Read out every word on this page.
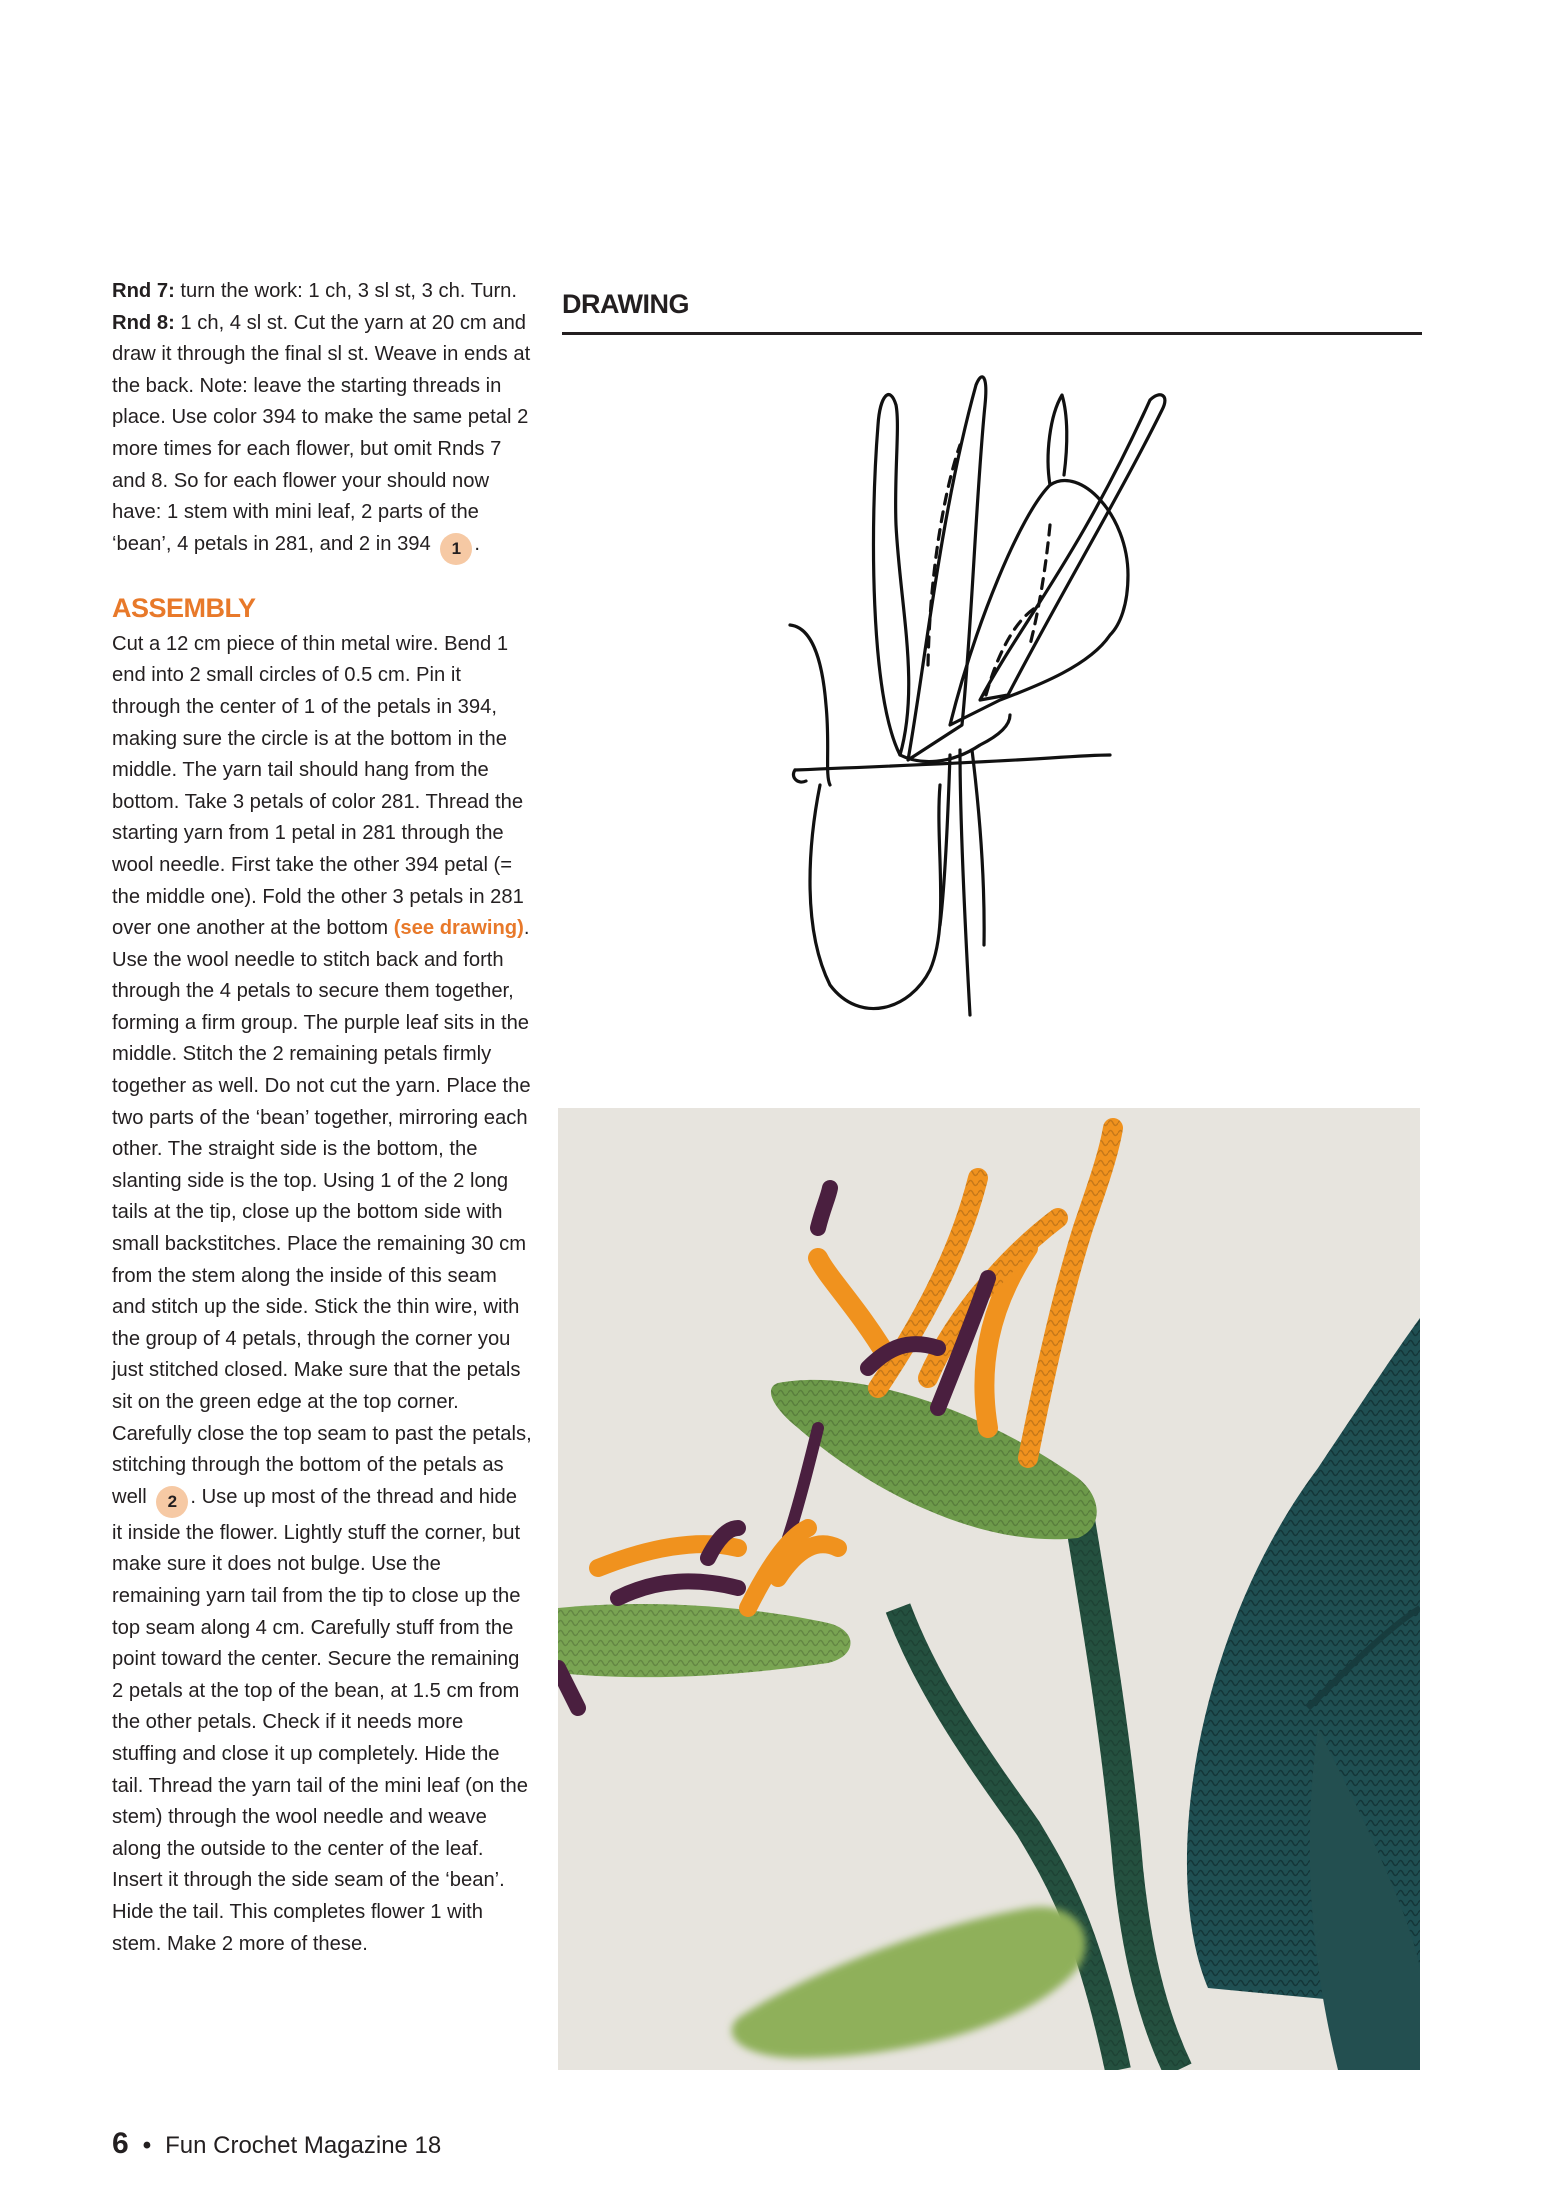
Rnd 7: turn the work: 1 ch, 3 sl st, 3 ch. Turn.
Rnd 8: 1 ch, 4 sl st. Cut the yarn at 20 cm and draw it through the final sl st. Weave in ends at the back. Note: leave the starting threads in place. Use color 394 to make the same petal 2 more times for each flower, but omit Rnds 7 and 8. So for each flower your should now have: 1 stem with mini leaf, 2 parts of the ‘bean’, 4 petals in 281, and 2 in 394 1 .

ASSEMBLY

Cut a 12 cm piece of thin metal wire. Bend 1 end into 2 small circles of 0.5 cm. Pin it through the center of 1 of the petals in 394, making sure the circle is at the bottom in the middle. The yarn tail should hang from the bottom. Take 3 petals of color 281. Thread the starting yarn from 1 petal in 281 through the wool needle. First take the other 394 petal (= the middle one). Fold the other 3 petals in 281 over one another at the bottom (see drawing). Use the wool needle to stitch back and forth through the 4 petals to secure them together, forming a firm group. The purple leaf sits in the middle. Stitch the 2 remaining petals firmly together as well. Do not cut the yarn. Place the two parts of the ‘bean’ together, mirroring each other. The straight side is the bottom, the slanting side is the top. Using 1 of the 2 long tails at the tip, close up the bottom side with small backstitches. Place the remaining 30 cm from the stem along the inside of this seam and stitch up the side. Stick the thin wire, with the group of 4 petals, through the corner you just stitched closed. Make sure that the petals sit on the green edge at the top corner. Carefully close the top seam to past the petals, stitching through the bottom of the petals as well 2 . Use up most of the thread and hide it inside the flower. Lightly stuff the corner, but make sure it does not bulge. Use the remaining yarn tail from the tip to close up the top seam along 4 cm. Carefully stuff from the point toward the center. Secure the remaining 2 petals at the top of the bean, at 1.5 cm from the other petals. Check if it needs more stuffing and close it up completely. Hide the tail. Thread the yarn tail of the mini leaf (on the stem) through the wool needle and weave along the outside to the center of the leaf. Insert it through the side seam of the ‘bean’. Hide the tail. This completes flower 1 with stem. Make 2 more of these.

DRAWING
6 • Fun Crochet Magazine 18
